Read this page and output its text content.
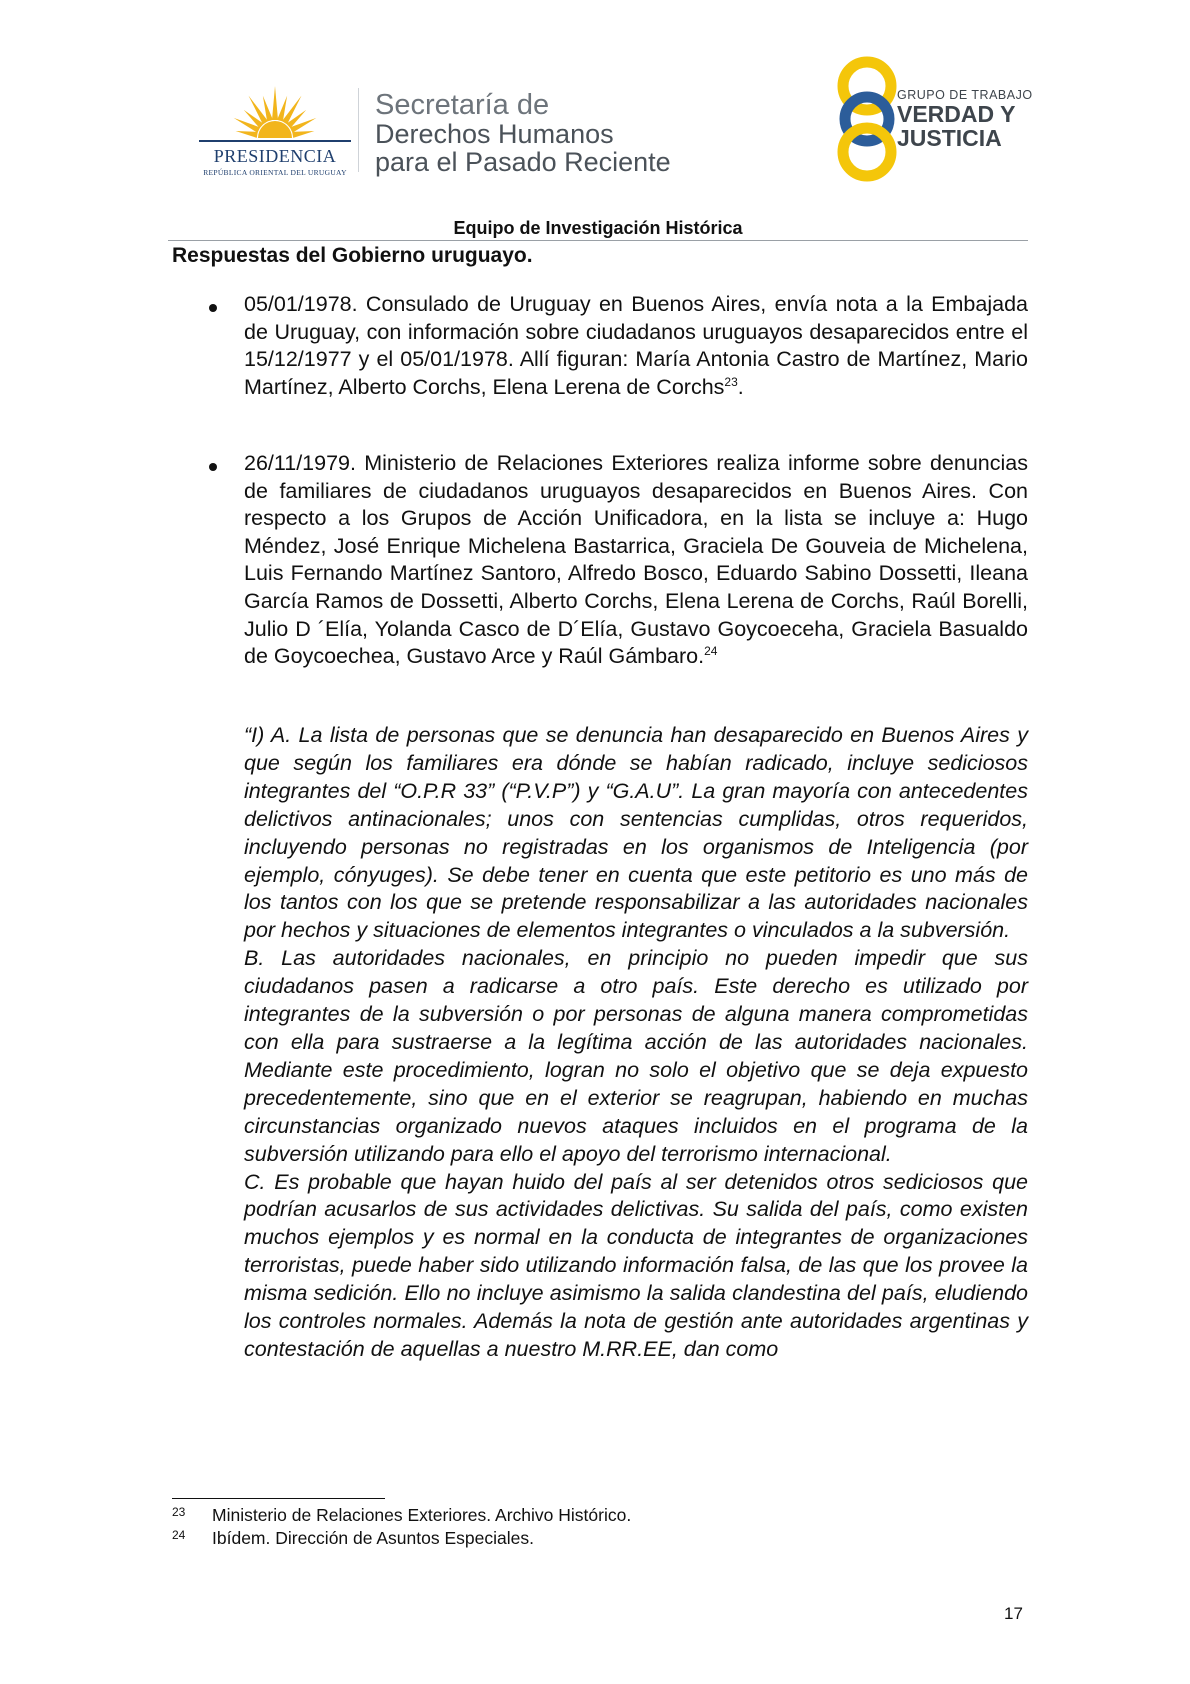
PRESIDENCIA
REPÚBLICA ORIENTAL DEL URUGUAY
Secretaría de
Derechos Humanos
para el Pasado Reciente
GRUPO DE TRABAJO
VERDAD Y
JUSTICIA
Equipo de Investigación Histórica
Respuestas del Gobierno uruguayo.
05/01/1978. Consulado de Uruguay en Buenos Aires, envía nota a la Embajada de Uruguay, con información sobre ciudadanos uruguayos desaparecidos entre el 15/12/1977 y el 05/01/1978. Allí figuran: María Antonia Castro de Martínez, Mario Martínez, Alberto Corchs, Elena Lerena de Corchs$^{23}$.
26/11/1979. Ministerio de Relaciones Exteriores realiza informe sobre denuncias de familiares de ciudadanos uruguayos desaparecidos en Buenos Aires. Con respecto a los Grupos de Acción Unificadora, en la lista se incluye a: Hugo Méndez, José Enrique Michelena Bastarrica, Graciela De Gouveia de Michelena, Luis Fernando Martínez Santoro, Alfredo Bosco, Eduardo Sabino Dossetti, Ileana García Ramos de Dossetti, Alberto Corchs, Elena Lerena de Corchs, Raúl Borelli, Julio D ´Elía, Yolanda Casco de D´Elía, Gustavo Goycoeceha, Graciela Basualdo de Goycoechea, Gustavo Arce y Raúl Gámbaro.$^{24}$

“I) A. La lista de personas que se denuncia han desaparecido en Buenos Aires y que según los familiares era dónde se habían radicado, incluye sediciosos integrantes del “O.P.R 33” (“P.V.P”) y “G.A.U”. La gran mayoría con antecedentes delictivos antinacionales; unos con sentencias cumplidas, otros requeridos, incluyendo personas no registradas en los organismos de Inteligencia (por ejemplo, cónyuges). Se debe tener en cuenta que este petitorio es uno más de los tantos con los que se pretende responsabilizar a las autoridades nacionales por hechos y situaciones de elementos integrantes o vinculados a la subversión.

B. Las autoridades nacionales, en principio no pueden impedir que sus ciudadanos pasen a radicarse a otro país. Este derecho es utilizado por integrantes de la subversión o por personas de alguna manera comprometidas con ella para sustraerse a la legítima acción de las autoridades nacionales. Mediante este procedimiento, logran no solo el objetivo que se deja expuesto precedentemente, sino que en el exterior se reagrupan, habiendo en muchas circunstancias organizado nuevos ataques incluidos en el programa de la subversión utilizando para ello el apoyo del terrorismo internacional.

C. Es probable que hayan huido del país al ser detenidos otros sediciosos que podrían acusarlos de sus actividades delictivas. Su salida del país, como existen muchos ejemplos y es normal en la conducta de integrantes de organizaciones terroristas, puede haber sido utilizando información falsa, de las que los provee la misma sedición. Ello no incluye asimismo la salida clandestina del país, eludiendo los controles normales. Además la nota de gestión ante autoridades argentinas y contestación de aquellas a nuestro M.RR.EE, dan como

23 Ministerio de Relaciones Exteriores. Archivo Histórico.
24 Ibídem. Dirección de Asuntos Especiales.
17
